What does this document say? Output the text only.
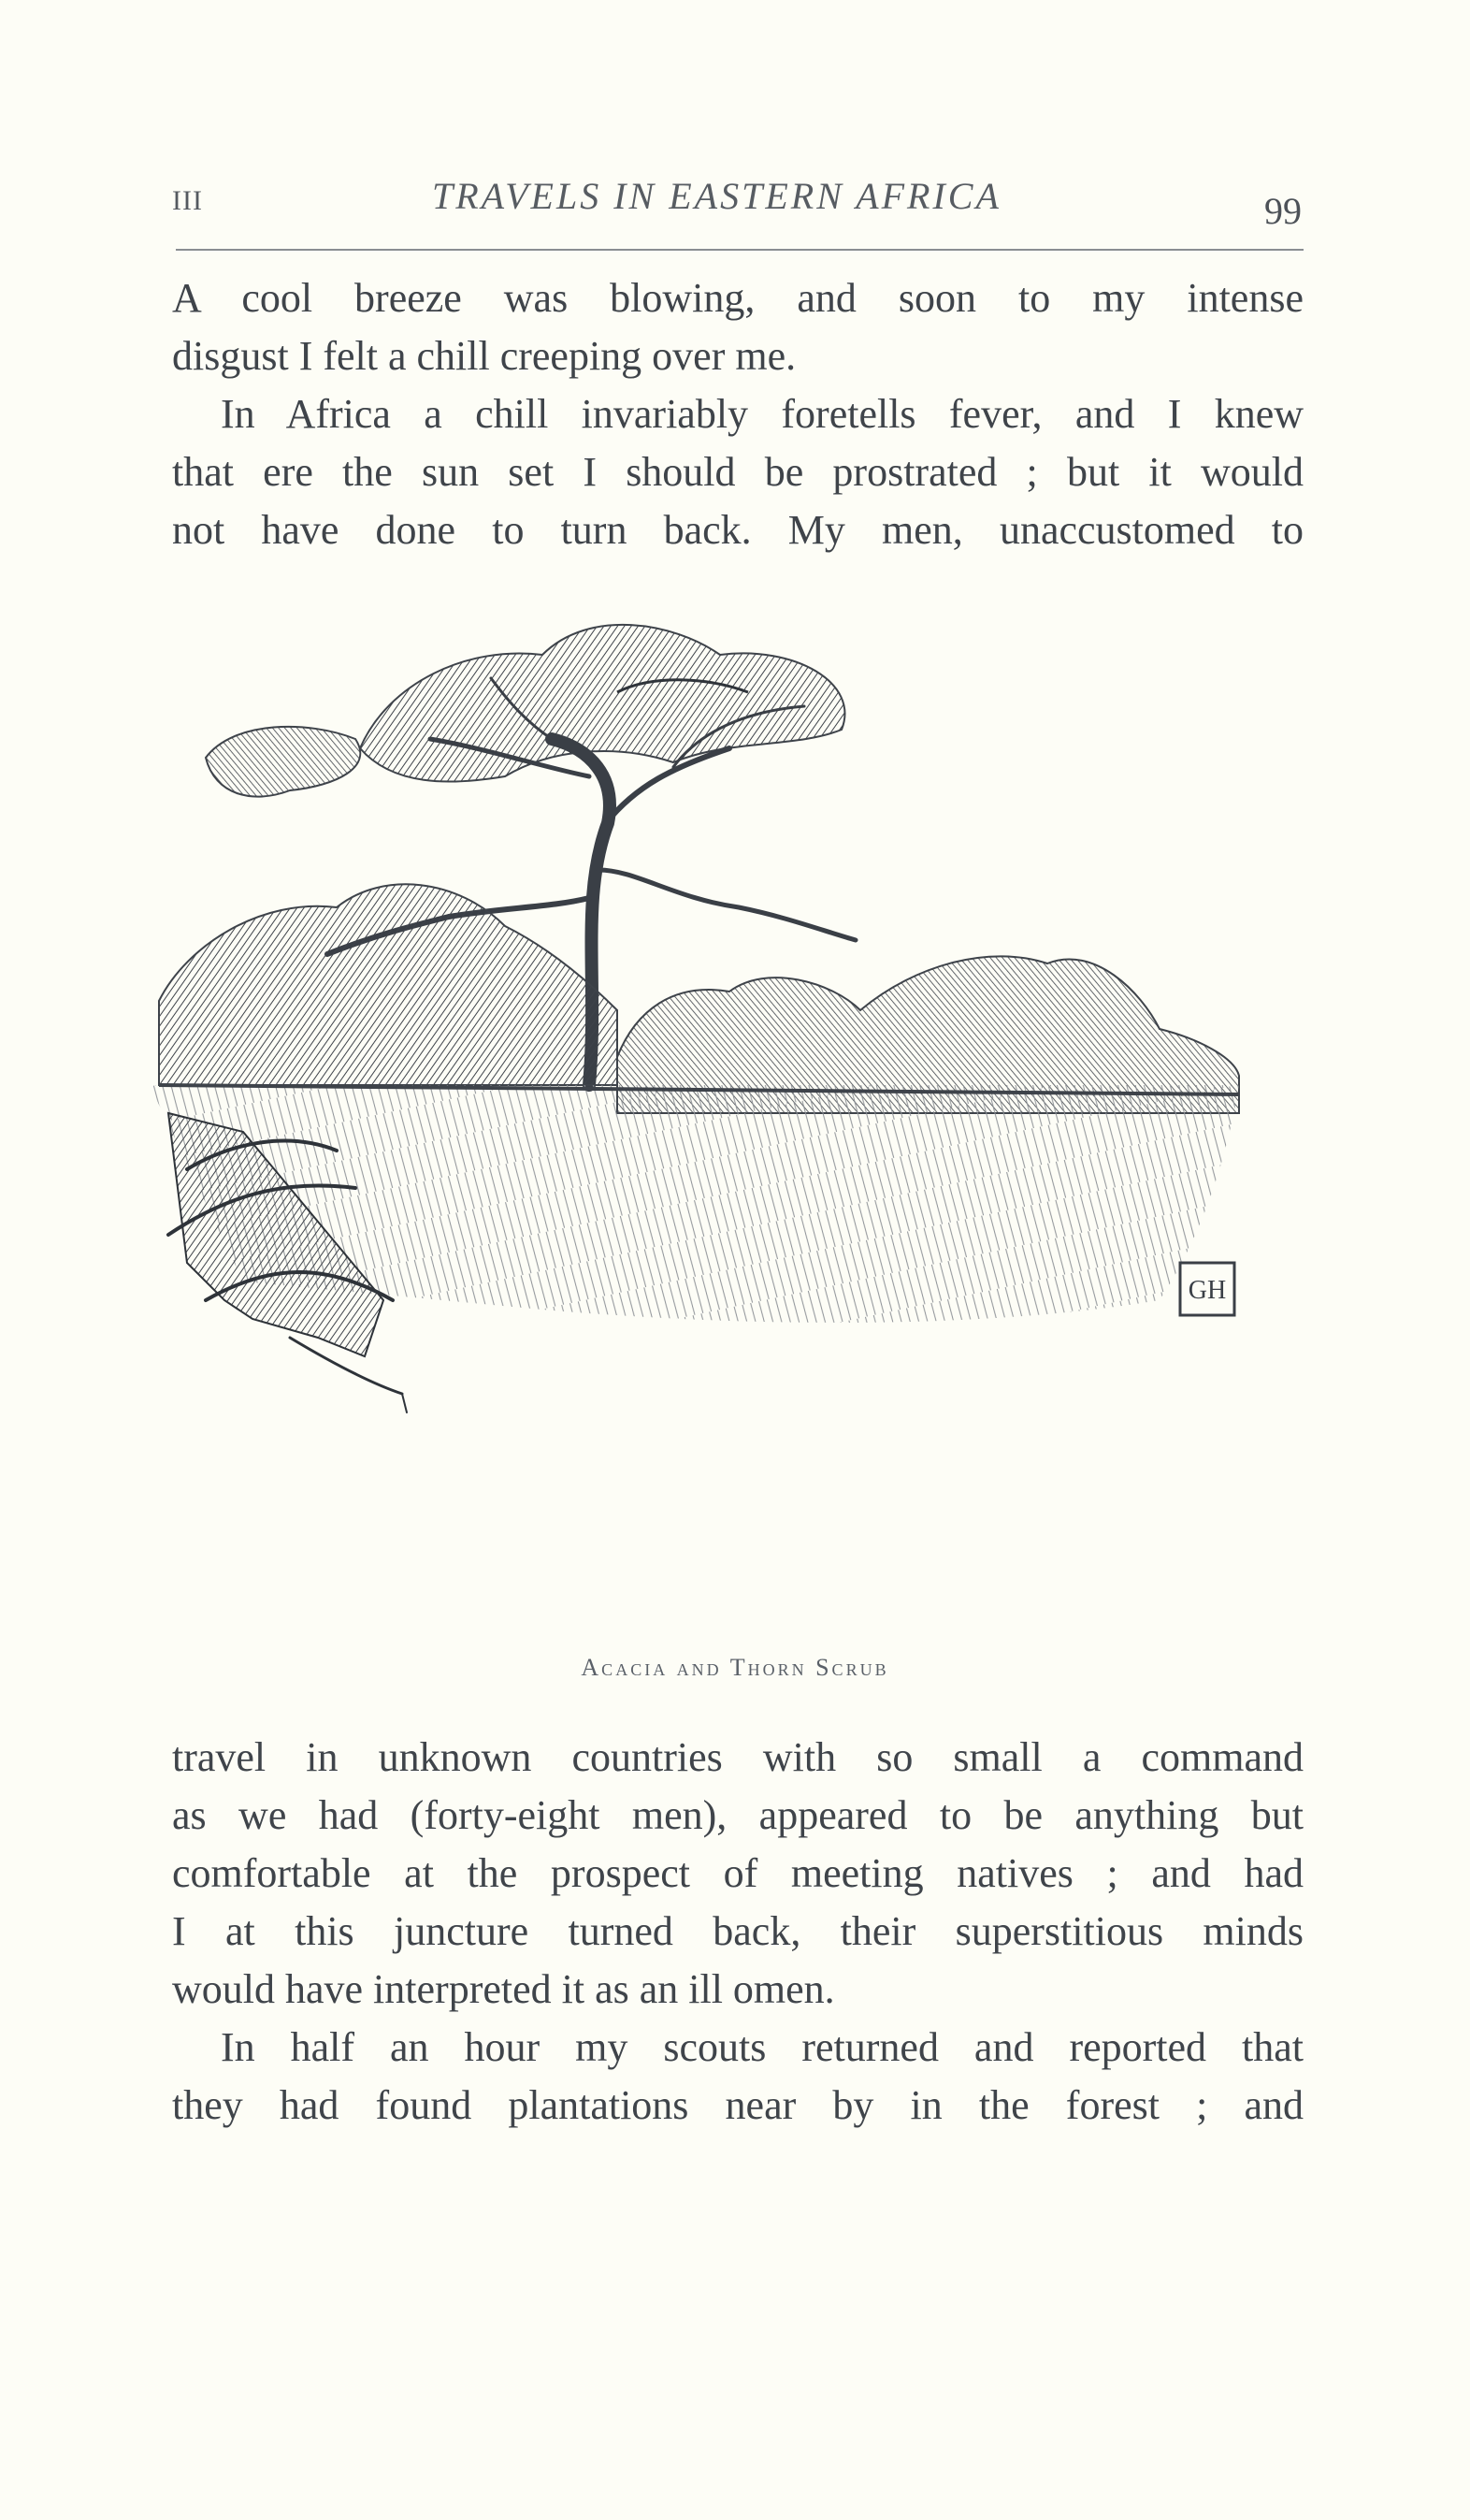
III	TRAVELS IN EASTERN AFRICA	99
A cool breeze was blowing, and soon to my intense
disgust I felt a chill creeping over me.
In Africa a chill invariably foretells fever, and I knew
that ere the sun set I should be prostrated ; but it would
not have done to turn back. My men, unaccustomed to
GH
Acacia and Thorn Scrub
travel in unknown countries with so small a command
as we had (forty-eight men), appeared to be anything but
comfortable at the prospect of meeting natives ; and had
I at this juncture turned back, their superstitious minds
would have interpreted it as an ill omen.
In half an hour my scouts returned and reported that
they had found plantations near by in the forest ; and
